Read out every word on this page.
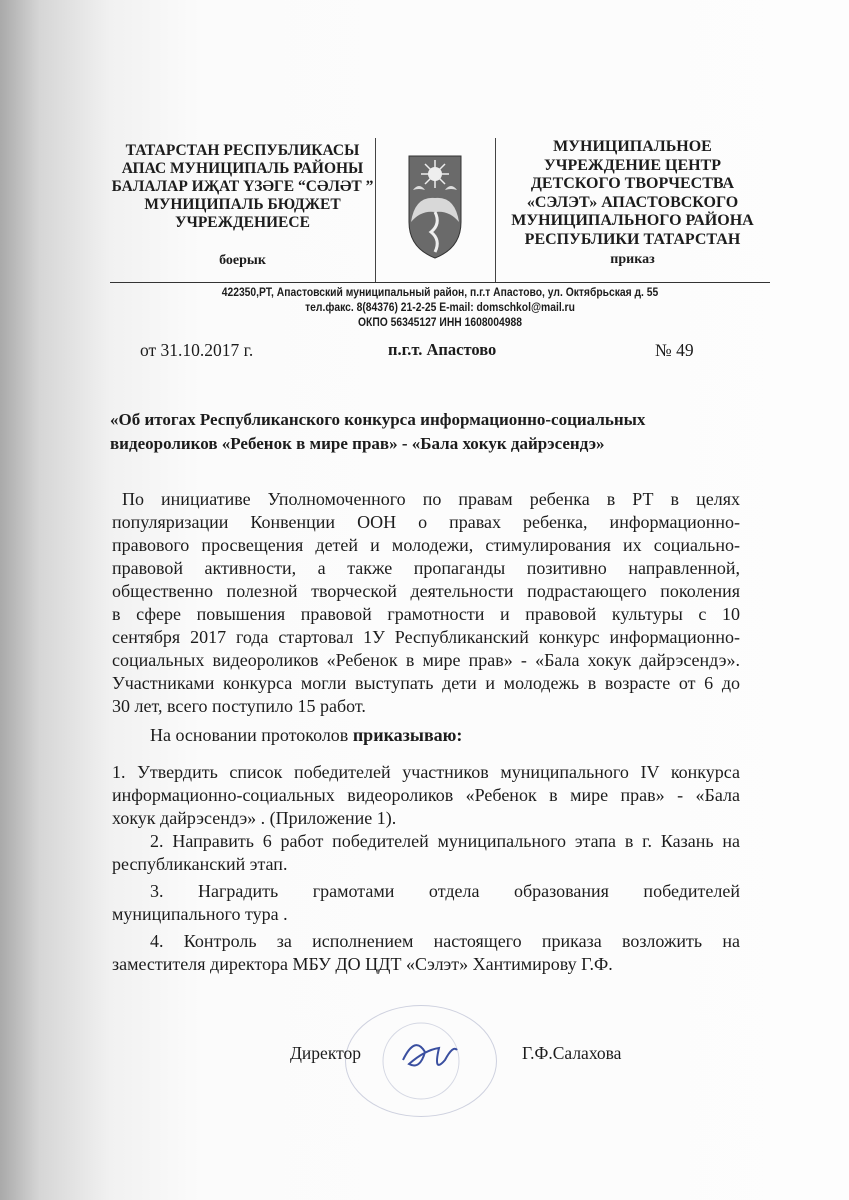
ТАТАРСТАН РЕСПУБЛИКАСЫ
АПАС МУНИЦИПАЛЬ РАЙОНЫ
БАЛАЛАР ИҖАТ ҮЗӘГЕ “СӘЛӘТ ”
МУНИЦИПАЛЬ БЮДЖЕТ
УЧРЕЖДЕНИЕСЕ
боерык
МУНИЦИПАЛЬНОЕ
УЧРЕЖДЕНИЕ ЦЕНТР
ДЕТСКОГО ТВОРЧЕСТВА
«СЭЛЭТ» АПАСТОВСКОГО
МУНИЦИПАЛЬНОГО РАЙОНА
РЕСПУБЛИКИ ТАТАРСТАН
приказ
422350,РТ, Апастовский муниципальный район, п.г.т Апастово, ул. Октябрьская д. 55
тел.факс. 8(84376) 21-2-25 E-mail: domschkol@mail.ru
ОКПО 56345127 ИНН 1608004988
от 31.10.2017 г.	п.г.т. Апастово	№ 49
«Об итогах Республиканского конкурса информационно-социальных
видеороликов «Ребенок в мире прав» - «Бала хокук дайрэсендэ»
По инициативе Уполномоченного по правам ребенка в РТ в целях
популяризации Конвенции ООН о правах ребенка, информационно-
правового просвещения детей и молодежи, стимулирования их социально-
правовой активности, а также пропаганды позитивно направленной,
общественно полезной творческой деятельности подрастающего поколения
в сфере повышения правовой грамотности и правовой культуры с 10
сентября 2017 года стартовал 1У Республиканский конкурс информационно-
социальных видеороликов «Ребенок в мире прав» - «Бала хокук дайрэсендэ».
Участниками конкурса могли выступать дети и молодежь в возрасте от 6 до
30 лет, всего поступило 15 работ.
На основании протоколов приказываю:
1. Утвердить список победителей участников муниципального IV конкурса
информационно-социальных видеороликов «Ребенок в мире прав» - «Бала
хокук дайрэсендэ» . (Приложение 1).
2. Направить 6 работ победителей муниципального этапа в г. Казань на
республиканский этап.
3. Наградить грамотами отдела образования победителей
муниципального тура .
4. Контроль за исполнением настоящего приказа возложить на
заместителя директора МБУ ДО ЦДТ «Сэлэт» Хантимирову Г.Ф.
Директор	Г.Ф.Салахова
